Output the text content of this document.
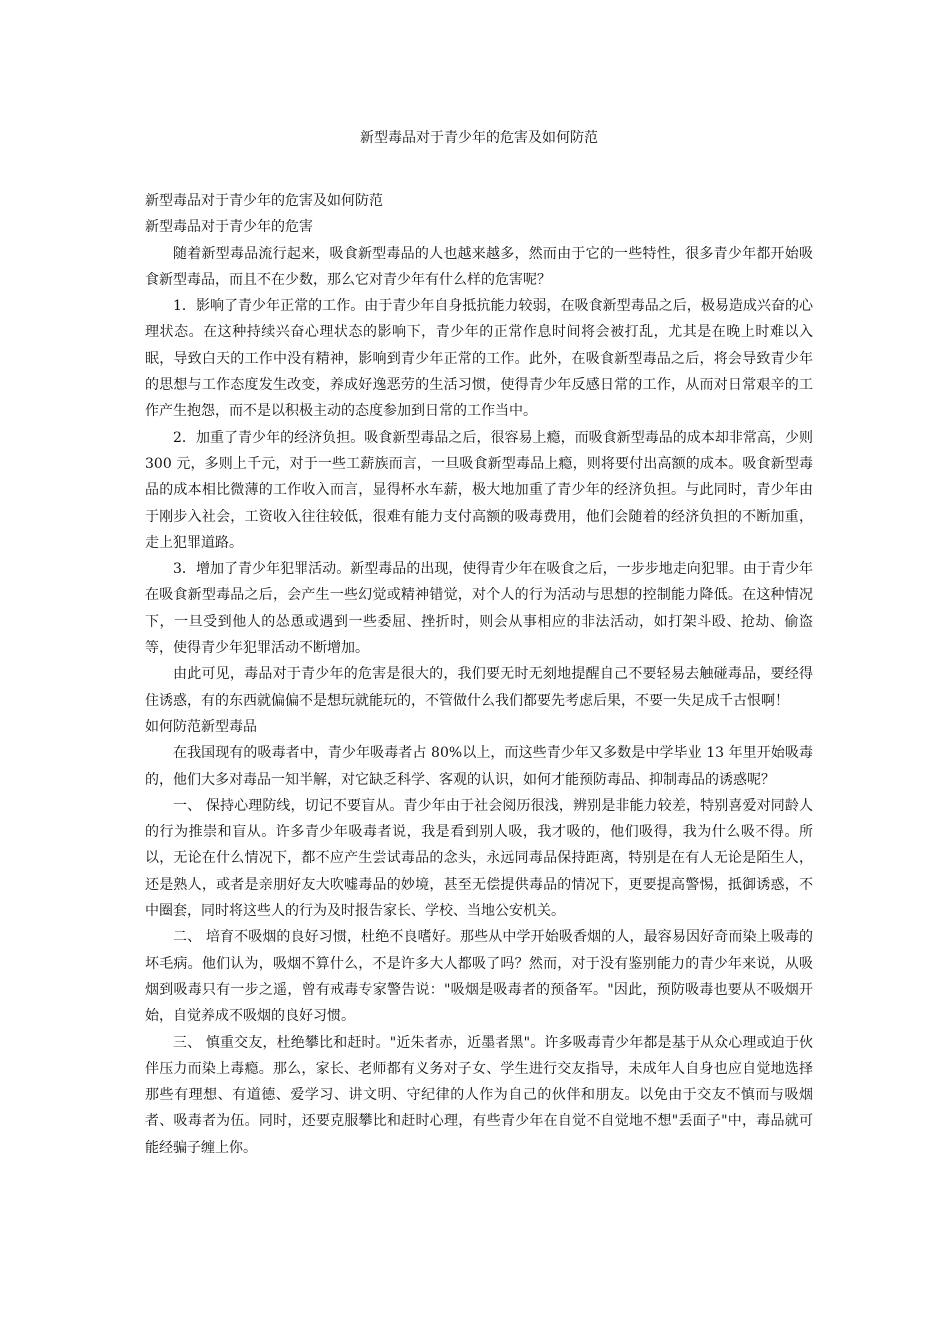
新型毒品对于青少年的危害及如何防范

新型毒品对于青少年的危害及如何防范

新型毒品对于青少年的危害

随着新型毒品流行起来，吸食新型毒品的人也越来越多，然而由于它的一些特性，很多青少年都开始吸食新型毒品，而且不在少数，那么它对青少年有什么样的危害呢？

1．影响了青少年正常的工作。由于青少年自身抵抗能力较弱，在吸食新型毒品之后，极易造成兴奋的心理状态。在这种持续兴奋心理状态的影响下，青少年的正常作息时间将会被打乱，尤其是在晚上时难以入眠，导致白天的工作中没有精神，影响到青少年正常的工作。此外，在吸食新型毒品之后，将会导致青少年的思想与工作态度发生改变，养成好逸恶劳的生活习惯，使得青少年反感日常的工作，从而对日常艰辛的工作产生抱怨，而不是以积极主动的态度参加到日常的工作当中。

2．加重了青少年的经济负担。吸食新型毒品之后，很容易上瘾，而吸食新型毒品的成本却非常高，少则 300 元，多则上千元，对于一些工薪族而言，一旦吸食新型毒品上瘾，则将要付出高额的成本。吸食新型毒品的成本相比微薄的工作收入而言，显得杯水车薪，极大地加重了青少年的经济负担。与此同时，青少年由于刚步入社会，工资收入往往较低，很难有能力支付高额的吸毒费用，他们会随着的经济负担的不断加重，走上犯罪道路。

3．增加了青少年犯罪活动。新型毒品的出现，使得青少年在吸食之后，一步步地走向犯罪。由于青少年在吸食新型毒品之后，会产生一些幻觉或精神错觉，对个人的行为活动与思想的控制能力降低。在这种情况下，一旦受到他人的怂恿或遇到一些委屈、挫折时，则会从事相应的非法活动，如打架斗殴、抢劫、偷盗等，使得青少年犯罪活动不断增加。

由此可见，毒品对于青少年的危害是很大的，我们要无时无刻地提醒自己不要轻易去触碰毒品，要经得住诱惑，有的东西就偏偏不是想玩就能玩的，不管做什么我们都要先考虑后果，不要一失足成千古恨啊！

如何防范新型毒品

在我国现有的吸毒者中，青少年吸毒者占 80%以上，而这些青少年又多数是中学毕业 13 年里开始吸毒的，他们大多对毒品一知半解，对它缺乏科学、客观的认识，如何才能预防毒品、抑制毒品的诱惑呢？

一、 保持心理防线，切记不要盲从。青少年由于社会阅历很浅，辨别是非能力较差，特别喜爱对同龄人的行为推崇和盲从。许多青少年吸毒者说，我是看到别人吸，我才吸的，他们吸得，我为什么吸不得。所以，无论在什么情况下，都不应产生尝试毒品的念头，永远同毒品保持距离，特别是在有人无论是陌生人，还是熟人，或者是亲朋好友大吹嘘毒品的妙境，甚至无偿提供毒品的情况下，更要提高警惕，抵御诱惑，不中圈套，同时将这些人的行为及时报告家长、学校、当地公安机关。

二、 培育不吸烟的良好习惯，杜绝不良嗜好。那些从中学开始吸香烟的人，最容易因好奇而染上吸毒的坏毛病。他们认为，吸烟不算什么，不是许多大人都吸了吗？然而，对于没有鉴别能力的青少年来说，从吸烟到吸毒只有一步之遥，曾有戒毒专家警告说："吸烟是吸毒者的预备军。"因此，预防吸毒也要从不吸烟开始，自觉养成不吸烟的良好习惯。

三、 慎重交友，杜绝攀比和赶时。"近朱者赤，近墨者黑"。许多吸毒青少年都是基于从众心理或迫于伙伴压力而染上毒瘾。那么，家长、老师都有义务对子女、学生进行交友指导，未成年人自身也应自觉地选择那些有理想、有道德、爱学习、讲文明、守纪律的人作为自己的伙伴和朋友。以免由于交友不慎而与吸烟者、吸毒者为伍。同时，还要克服攀比和赶时心理，有些青少年在自觉不自觉地不想"丢面子"中，毒品就可能经骗子缠上你。
